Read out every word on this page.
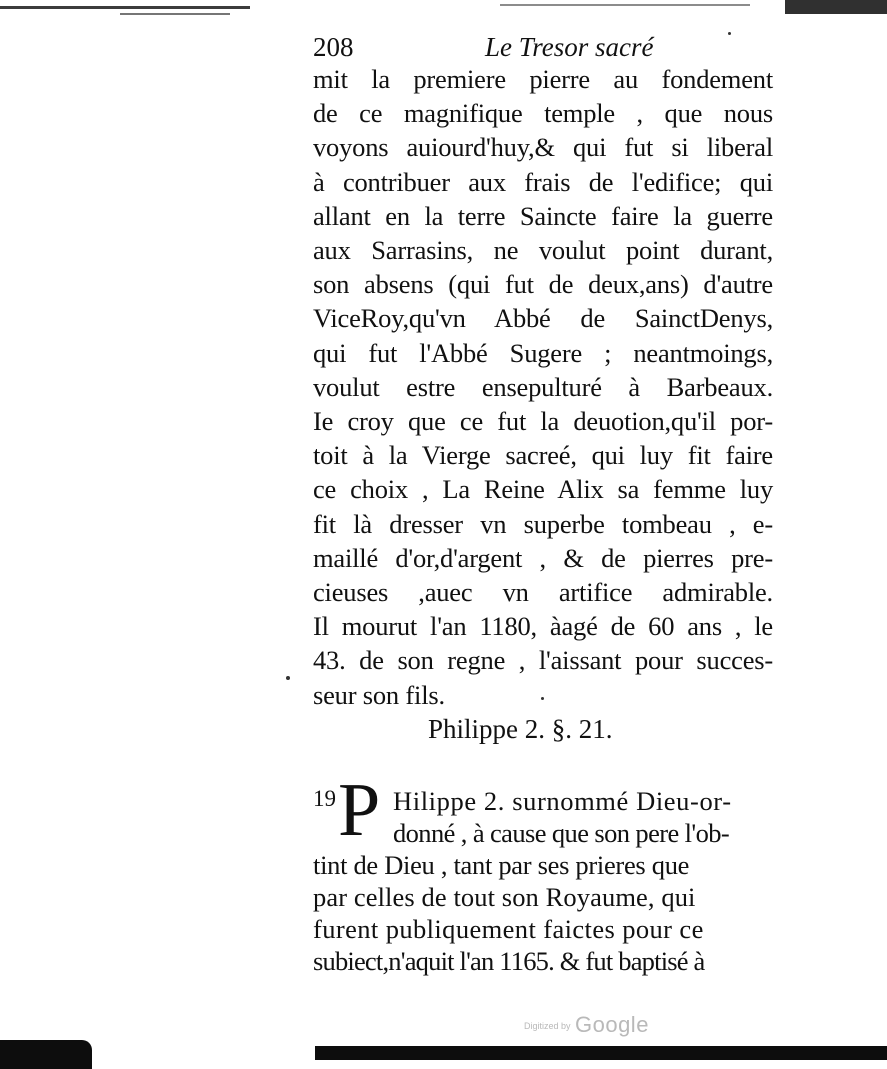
208	Le Tresor sacré
mit la premiere pierre au fondement
de ce magnifique temple , que nous
voyons auiourd'huy,& qui fut si liberal
à contribuer aux frais de l'edifice; qui
allant en la terre Saincte faire la guerre
aux Sarrasins, ne voulut point durant,
son absens (qui fut de deux,ans) d'autre
ViceRoy,qu'vn Abbé de SainctDenys,
qui fut l'Abbé Sugere ; neantmoings,
voulut estre ensepulturé à Barbeaux.
Ie croy que ce fut la deuotion,qu'il por-
toit à la Vierge sacreé, qui luy fit faire
ce choix , La Reine Alix sa femme luy
fit là dresser vn superbe tombeau , e-
maillé d'or,d'argent , & de pierres pre-
cieuses ,auec vn artifice admirable.
Il mourut l'an 1180, àagé de 60 ans , le
43. de son regne , l'aissant pour succes-
seur son fils.
Philippe 2. §. 21.
19 P Hilippe 2. surnommé Dieu-or-
donné , à cause que son pere l'ob-
tint de Dieu , tant par ses prieres que
par celles de tout son Royaume, qui
furent publiquement faictes pour ce
subiect,n'aquit l'an 1165. & fut baptisé à
Digitized by Google
